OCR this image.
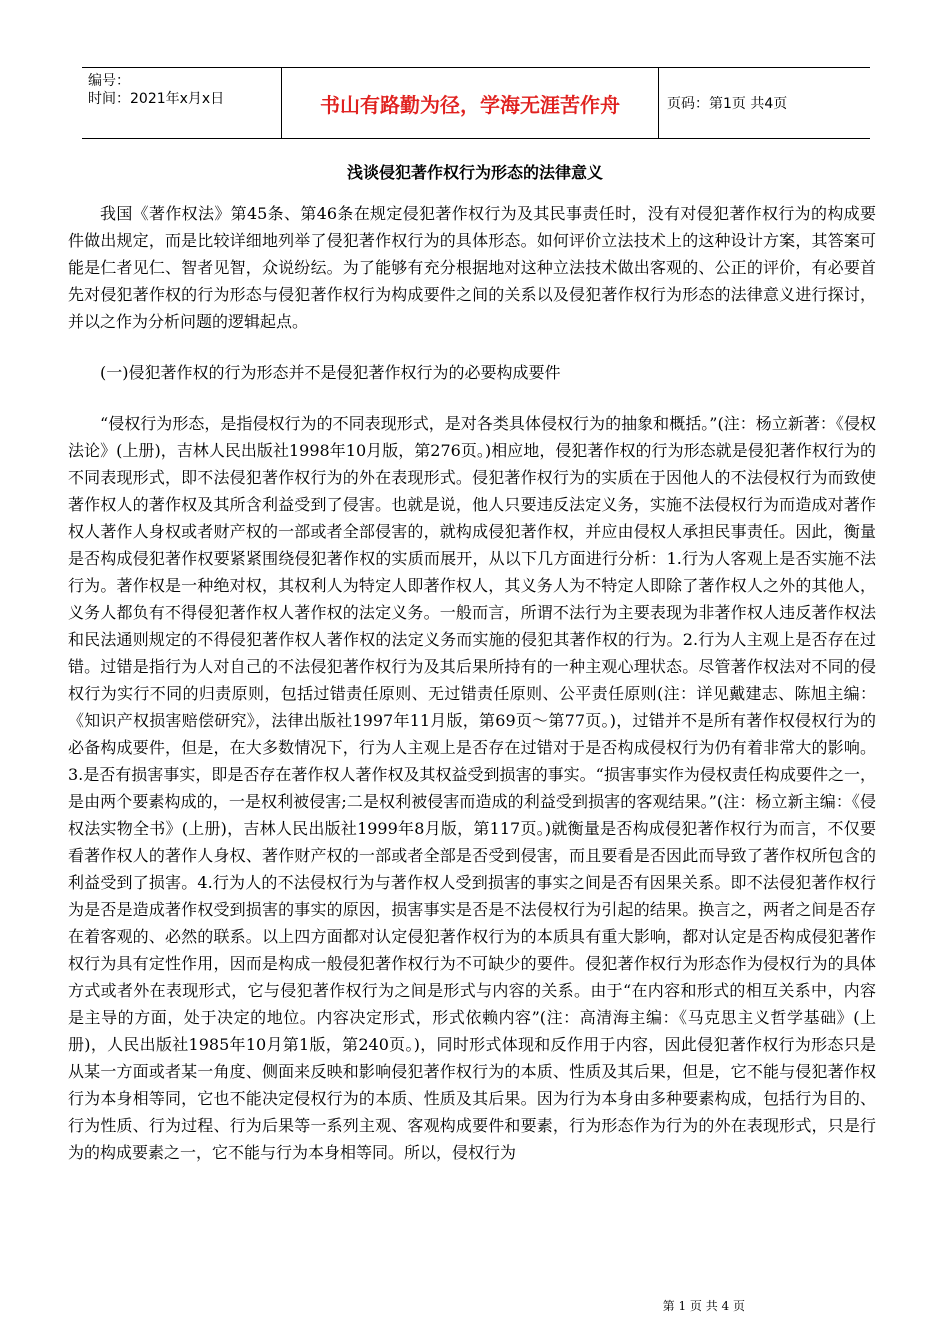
编号：
时间：2021年x月x日	书山有路勤为径，学海无涯苦作舟	页码：第1页 共4页
浅谈侵犯著作权行为形态的法律意义

我国《著作权法》第45条、第46条在规定侵犯著作权行为及其民事责任时，没有对侵犯著作权行为的构成要件做出规定，而是比较详细地列举了侵犯著作权行为的具体形态。如何评价立法技术上的这种设计方案，其答案可能是仁者见仁、智者见智，众说纷纭。为了能够有充分根据地对这种立法技术做出客观的、公正的评价，有必要首先对侵犯著作权的行为形态与侵犯著作权行为构成要件之间的关系以及侵犯著作权行为形态的法律意义进行探讨，并以之作为分析问题的逻辑起点。

(一)侵犯著作权的行为形态并不是侵犯著作权行为的必要构成要件

“侵权行为形态，是指侵权行为的不同表现形式，是对各类具体侵权行为的抽象和概括。”(注：杨立新著：《侵权法论》(上册)，吉林人民出版社1998年10月版，第276页。)相应地，侵犯著作权的行为形态就是侵犯著作权行为的不同表现形式，即不法侵犯著作权行为的外在表现形式。侵犯著作权行为的实质在于因他人的不法侵权行为而致使著作权人的著作权及其所含利益受到了侵害。也就是说，他人只要违反法定义务，实施不法侵权行为而造成对著作权人著作人身权或者财产权的一部或者全部侵害的，就构成侵犯著作权，并应由侵权人承担民事责任。因此，衡量是否构成侵犯著作权要紧紧围绕侵犯著作权的实质而展开，从以下几方面进行分析：1.行为人客观上是否实施不法行为。著作权是一种绝对权，其权利人为特定人即著作权人，其义务人为不特定人即除了著作权人之外的其他人，义务人都负有不得侵犯著作权人著作权的法定义务。一般而言，所谓不法行为主要表现为非著作权人违反著作权法和民法通则规定的不得侵犯著作权人著作权的法定义务而实施的侵犯其著作权的行为。2.行为人主观上是否存在过错。过错是指行为人对自己的不法侵犯著作权行为及其后果所持有的一种主观心理状态。尽管著作权法对不同的侵权行为实行不同的归责原则，包括过错责任原则、无过错责任原则、公平责任原则(注：详见戴建志、陈旭主编：《知识产权损害赔偿研究》，法律出版社1997年11月版，第69页～第77页。)，过错并不是所有著作权侵权行为的必备构成要件，但是，在大多数情况下，行为人主观上是否存在过错对于是否构成侵权行为仍有着非常大的影响。3.是否有损害事实，即是否存在著作权人著作权及其权益受到损害的事实。“损害事实作为侵权责任构成要件之一，是由两个要素构成的，一是权利被侵害;二是权利被侵害而造成的利益受到损害的客观结果。”(注：杨立新主编：《侵权法实物全书》(上册)，吉林人民出版社1999年8月版，第117页。)就衡量是否构成侵犯著作权行为而言，不仅要看著作权人的著作人身权、著作财产权的一部或者全部是否受到侵害，而且要看是否因此而导致了著作权所包含的利益受到了损害。4.行为人的不法侵权行为与著作权人受到损害的事实之间是否有因果关系。即不法侵犯著作权行为是否是造成著作权受到损害的事实的原因，损害事实是否是不法侵权行为引起的结果。换言之，两者之间是否存在着客观的、必然的联系。以上四方面都对认定侵犯著作权行为的本质具有重大影响，都对认定是否构成侵犯著作权行为具有定性作用，因而是构成一般侵犯著作权行为不可缺少的要件。侵犯著作权行为形态作为侵权行为的具体方式或者外在表现形式，它与侵犯著作权行为之间是形式与内容的关系。由于“在内容和形式的相互关系中，内容是主导的方面，处于决定的地位。内容决定形式，形式依赖内容”(注：高清海主编：《马克思主义哲学基础》(上册)，人民出版社1985年10月第1版，第240页。)，同时形式体现和反作用于内容，因此侵犯著作权行为形态只是从某一方面或者某一角度、侧面来反映和影响侵犯著作权行为的本质、性质及其后果，但是，它不能与侵犯著作权行为本身相等同，它也不能决定侵权行为的本质、性质及其后果。因为行为本身由多种要素构成，包括行为目的、行为性质、行为过程、行为后果等一系列主观、客观构成要件和要素，行为形态作为行为的外在表现形式，只是行为的构成要素之一，它不能与行为本身相等同。所以，侵权行为

第 1 页 共 4 页
